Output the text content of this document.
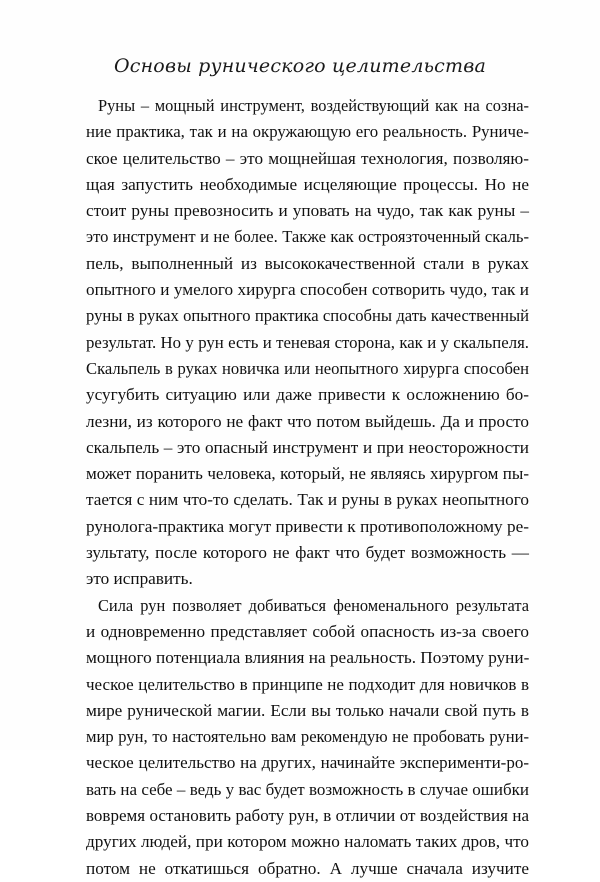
Основы рунического целительства
Руны – мощный инструмент, воздействующий как на созна-
ние практика, так и на окружающую его реальность. Руниче-
ское целительство – это мощнейшая технология, позволяю-
щая запустить необходимые исцеляющие процессы. Но не
стоит руны превозносить и уповать на чудо, так как руны –
это инструмент и не более. Также как остроязточенный скаль-
пель, выполненный из высококачественной стали в руках
опытного и умелого хирурга способен сотворить чудо, так и
руны в руках опытного практика способны дать качественный
результат. Но у рун есть и теневая сторона, как и у скальпеля.
Скальпель в руках новичка или неопытного хирурга способен
усугубить ситуацию или даже привести к осложнению бо-
лезни, из которого не факт что потом выйдешь. Да и просто
скальпель – это опасный инструмент и при неосторожности
может поранить человека, который, не являясь хирургом пы-
тается с ним что-то сделать. Так и руны в руках неопытного
рунолога-практика могут привести к противоположному ре-
зультату, после которого не факт что будет возможность —
это исправить.
Сила рун позволяет добиваться феноменального результата
и одновременно представляет собой опасность из-за своего
мощного потенциала влияния на реальность. Поэтому руни-
ческое целительство в принципе не подходит для новичков в
мире рунической магии. Если вы только начали свой путь в
мир рун, то настоятельно вам рекомендую не пробовать руни-
ческое целительство на других, начинайте эксперименти-ро-
вать на себе – ведь у вас будет возможность в случае ошибки
вовремя остановить работу рун, в отличии от воздействия на
других людей, при котором можно наломать таких дров, что
потом не откатишься обратно. А лучше сначала изучите
